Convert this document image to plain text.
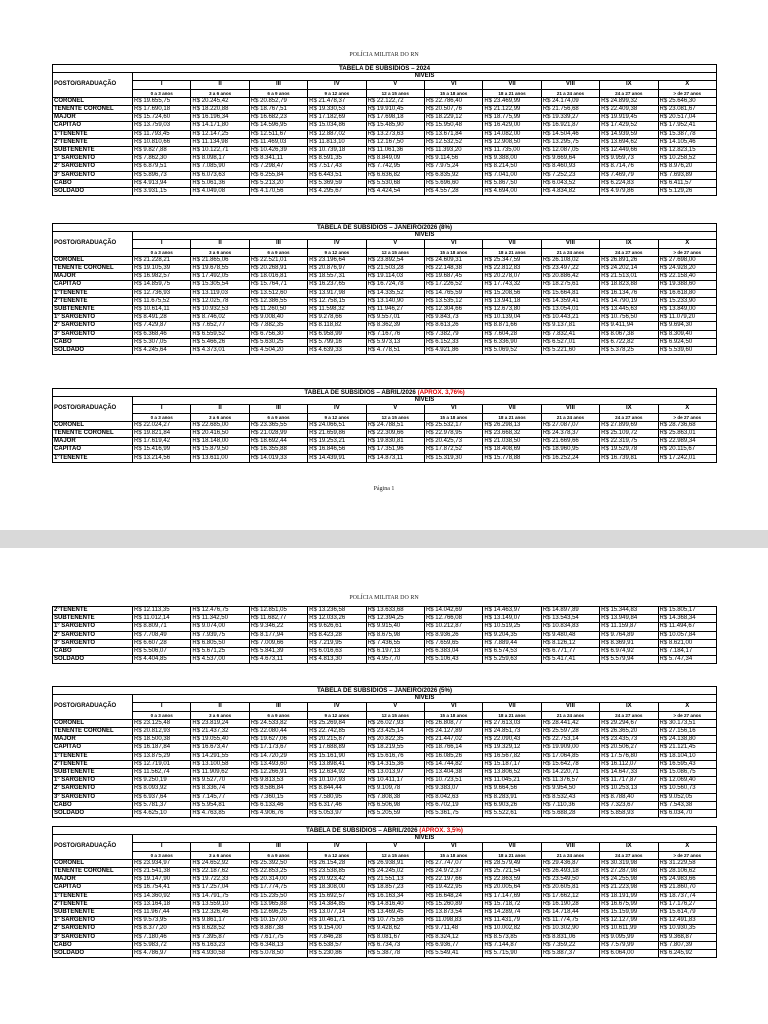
POLÍCIA MILITAR DO RN
Página 1
POLÍCIA MILITAR DO RN
TABELA DE SUBSÍDIOS – 2024										
POSTO/GRADUAÇÃO	NÍVEIS									
	I	II	III	IV	V	VI	VII	VIII	IX	X
	0 a 3 anos	3 a 6 anos	6 a 9 anos	9 a 12 anos	12 a 15 anos	15 a 18 anos	18 a 21 anos	21 a 24 anos	24 a 27 anos	> de 27 anos
CORONEL	R$ 19.655,75	R$ 20.245,42	R$ 20.852,79	R$ 21.478,37	R$ 22.122,72	R$ 22.786,40	R$ 23.469,99	R$ 24.174,09	R$ 24.899,32	R$ 25.646,30
TENENTE CORONEL	R$ 17.690,18	R$ 18.220,88	R$ 18.767,51	R$ 19.330,53	R$ 19.910,45	R$ 20.507,76	R$ 21.122,99	R$ 21.756,68	R$ 22.409,38	R$ 23.081,67
MAJOR	R$ 15.724,60	R$ 16.196,34	R$ 16.682,23	R$ 17.182,69	R$ 17.698,18	R$ 18.229,12	R$ 18.775,99	R$ 19.339,27	R$ 19.919,45	R$ 20.517,04
CAPITÃO	R$ 13.759,03	R$ 14.171,80	R$ 14.596,95	R$ 15.034,86	R$ 15.485,90	R$ 15.950,48	R$ 16.429,00	R$ 16.921,87	R$ 17.429,52	R$ 17.952,41
1ºTENENTE	R$ 11.793,45	R$ 12.147,25	R$ 12.511,67	R$ 12.887,02	R$ 13.273,63	R$ 13.671,84	R$ 14.082,00	R$ 14.504,46	R$ 14.939,59	R$ 15.387,78
2ºTENENTE	R$ 10.810,66	R$ 11.134,98	R$ 11.469,03	R$ 11.813,10	R$ 12.167,50	R$ 12.532,52	R$ 12.908,50	R$ 13.295,75	R$ 13.694,62	R$ 14.105,46
SUBTENENTE	R$ 9.827,88	R$ 10.122,71	R$ 10.426,39	R$ 10.739,18	R$ 11.061,36	R$ 11.393,20	R$ 11.735,00	R$ 12.087,05	R$ 12.449,66	R$ 12.823,15
1º SARGENTO	R$ 7.862,30	R$ 8.098,17	R$ 8.341,11	R$ 8.591,35	R$ 8.849,09	R$ 9.114,56	R$ 9.388,00	R$ 9.669,64	R$ 9.959,73	R$ 10.258,52
2º SARGENTO	R$ 6.879,51	R$ 7.085,90	R$ 7.298,47	R$ 7.517,43	R$ 7.742,95	R$ 7.975,24	R$ 8.214,50	R$ 8.460,93	R$ 8.714,76	R$ 8.976,20
3º SARGENTO	R$ 5.896,73	R$ 6.073,63	R$ 6.255,84	R$ 6.443,51	R$ 6.636,82	R$ 6.835,92	R$ 7.041,00	R$ 7.252,23	R$ 7.469,79	R$ 7.693,89
CABO	R$ 4.913,94	R$ 5.061,36	R$ 5.213,20	R$ 5.369,59	R$ 5.530,68	R$ 5.696,60	R$ 5.867,50	R$ 6.043,52	R$ 6.224,83	R$ 6.411,57
SOLDADO	R$ 3.931,15	R$ 4.049,08	R$ 4.170,56	R$ 4.295,67	R$ 4.424,54	R$ 4.557,28	R$ 4.694,00	R$ 4.834,82	R$ 4.979,86	R$ 5.129,26
TABELA DE SUBSÍDIOS – JANEIRO/2026 (8%)										
POSTO/GRADUAÇÃO	NÍVEIS									
	I	II	III	IV	V	VI	VII	VIII	IX	X
	0 a 3 anos	3 a 6 anos	6 a 9 anos	9 a 12 anos	12 a 15 anos	15 a 18 anos	18 a 21 anos	21 a 24 anos	24 a 27 anos	> de 27 anos
CORONEL	R$ 21.228,21	R$ 21.865,06	R$ 22.521,01	R$ 23.196,64	R$ 23.892,54	R$ 24.609,31	R$ 25.347,59	R$ 26.108,02	R$ 26.891,26	R$ 27.698,00
TENENTE CORONEL	R$ 19.105,39	R$ 19.678,55	R$ 20.268,91	R$ 20.876,97	R$ 21.503,28	R$ 22.148,38	R$ 22.812,83	R$ 23.497,22	R$ 24.202,14	R$ 24.928,20
MAJOR	R$ 16.982,57	R$ 17.492,05	R$ 18.016,81	R$ 18.557,31	R$ 19.114,03	R$ 19.687,45	R$ 20.278,07	R$ 20.886,42	R$ 21.513,01	R$ 22.158,40
CAPITÃO	R$ 14.859,75	R$ 15.305,54	R$ 15.764,71	R$ 16.237,65	R$ 16.724,78	R$ 17.226,52	R$ 17.743,32	R$ 18.275,61	R$ 18.823,88	R$ 19.388,60
1ºTENENTE	R$ 12.736,93	R$ 13.119,03	R$ 13.512,60	R$ 13.917,98	R$ 14.335,52	R$ 14.765,59	R$ 15.208,56	R$ 15.664,81	R$ 16.134,76	R$ 16.618,80
2ºTENENTE	R$ 11.675,52	R$ 12.025,78	R$ 12.386,55	R$ 12.758,15	R$ 13.140,90	R$ 13.535,12	R$ 13.941,18	R$ 14.359,41	R$ 14.790,19	R$ 15.233,90
SUBTENENTE	R$ 10.614,11	R$ 10.932,53	R$ 11.260,50	R$ 11.598,32	R$ 11.946,27	R$ 12.304,66	R$ 12.673,80	R$ 13.054,01	R$ 13.445,63	R$ 13.849,00
1º SARGENTO	R$ 8.491,28	R$ 8.746,02	R$ 9.008,40	R$ 9.278,66	R$ 9.557,01	R$ 9.843,73	R$ 10.139,04	R$ 10.443,21	R$ 10.756,50	R$ 11.079,20
2º SARGENTO	R$ 7.429,87	R$ 7.652,77	R$ 7.882,35	R$ 8.118,82	R$ 8.362,39	R$ 8.613,26	R$ 8.871,66	R$ 9.137,81	R$ 9.411,94	R$ 9.694,30
3º SARGENTO	R$ 6.368,46	R$ 6.559,52	R$ 6.756,30	R$ 6.958,99	R$ 7.167,76	R$ 7.382,79	R$ 7.604,28	R$ 7.832,41	R$ 8.067,38	R$ 8.309,40
CABO	R$ 5.307,05	R$ 5.466,26	R$ 5.630,25	R$ 5.799,16	R$ 5.973,13	R$ 6.152,33	R$ 6.336,90	R$ 6.527,01	R$ 6.722,82	R$ 6.924,50
SOLDADO	R$ 4.245,64	R$ 4.373,01	R$ 4.504,20	R$ 4.639,33	R$ 4.778,51	R$ 4.921,86	R$ 5.069,52	R$ 5.221,60	R$ 5.378,25	R$ 5.539,60
TABELA DE SUBSÍDIOS – ABRIL/2026 (APROX. 3,76%)										
POSTO/GRADUAÇÃO	NÍVEIS									
	I	II	III	IV	V	VI	VII	VIII	IX	X
	0 a 3 anos	3 a 6 anos	6 a 9 anos	9 a 12 anos	12 a 15 anos	15 a 18 anos	18 a 21 anos	21 a 24 anos	24 a 27 anos	> de 27 anos
CORONEL	R$ 22.024,27	R$ 22.685,00	R$ 23.365,55	R$ 24.066,51	R$ 24.788,51	R$ 25.532,17	R$ 26.298,13	R$ 27.087,07	R$ 27.899,69	R$ 28.736,68
TENENTE CORONEL	R$ 19.821,84	R$ 20.416,50	R$ 21.028,99	R$ 21.659,86	R$ 22.309,66	R$ 22.978,95	R$ 23.668,32	R$ 24.378,37	R$ 25.109,72	R$ 25.863,01
MAJOR	R$ 17.619,42	R$ 18.148,00	R$ 18.692,44	R$ 19.253,21	R$ 19.830,81	R$ 20.425,73	R$ 21.038,50	R$ 21.669,66	R$ 22.319,75	R$ 22.989,34
CAPITÃO	R$ 15.416,99	R$ 15.879,50	R$ 16.355,88	R$ 16.846,56	R$ 17.351,96	R$ 17.872,52	R$ 18.408,69	R$ 18.960,95	R$ 19.529,78	R$ 20.115,67
1ºTENENTE	R$ 13.214,56	R$ 13.611,00	R$ 14.019,33	R$ 14.439,91	R$ 14.873,11	R$ 15.319,30	R$ 15.778,88	R$ 16.252,24	R$ 16.739,81	R$ 17.242,01
2ºTENENTE	R$ 12.113,35	R$ 12.476,75	R$ 12.851,05	R$ 13.236,58	R$ 13.633,68	R$ 14.042,69	R$ 14.463,97	R$ 14.897,89	R$ 15.344,83	R$ 15.805,17
SUBTENENTE	R$ 11.012,14	R$ 11.342,50	R$ 11.682,77	R$ 12.033,26	R$ 12.394,25	R$ 12.766,08	R$ 13.149,07	R$ 13.543,54	R$ 13.949,84	R$ 14.368,34
1º SARGENTO	R$ 8.809,71	R$ 9.074,00	R$ 9.346,22	R$ 9.626,61	R$ 9.915,40	R$ 10.212,87	R$ 10.519,25	R$ 10.834,83	R$ 11.159,87	R$ 11.494,67
2º SARGENTO	R$ 7.708,49	R$ 7.939,75	R$ 8.177,94	R$ 8.423,28	R$ 8.675,98	R$ 8.936,26	R$ 9.204,35	R$ 9.480,48	R$ 9.764,89	R$ 10.057,84
3º SARGENTO	R$ 6.607,28	R$ 6.805,50	R$ 7.009,66	R$ 7.219,95	R$ 7.436,55	R$ 7.659,65	R$ 7.889,44	R$ 8.126,12	R$ 8.369,91	R$ 8.621,00
CABO	R$ 5.506,07	R$ 5.671,25	R$ 5.841,39	R$ 6.016,63	R$ 6.197,13	R$ 6.383,04	R$ 6.574,53	R$ 6.771,77	R$ 6.974,92	R$ 7.184,17
SOLDADO	R$ 4.404,85	R$ 4.537,00	R$ 4.673,11	R$ 4.813,30	R$ 4.957,70	R$ 5.106,43	R$ 5.259,63	R$ 5.417,41	R$ 5.579,94	R$ 5.747,34
TABELA DE SUBSÍDIOS – JANEIRO/2026 (5%)										
POSTO/GRADUAÇÃO	NÍVEIS									
	I	II	III	IV	V	VI	VII	VIII	IX	X
	0 a 3 anos	3 a 6 anos	6 a 9 anos	9 a 12 anos	12 a 15 anos	15 a 18 anos	18 a 21 anos	21 a 24 anos	24 a 27 anos	> de 27 anos
CORONEL	R$ 23.125,48	R$ 23.819,24	R$ 24.533,82	R$ 25.269,84	R$ 26.027,93	R$ 26.808,77	R$ 27.613,03	R$ 28.441,42	R$ 29.294,67	R$ 30.173,51
TENENTE CORONEL	R$ 20.812,93	R$ 21.437,32	R$ 22.080,44	R$ 22.742,85	R$ 23.425,14	R$ 24.127,89	R$ 24.851,73	R$ 25.597,28	R$ 26.365,20	R$ 27.156,16
MAJOR	R$ 18.500,38	R$ 19.055,40	R$ 19.627,06	R$ 20.215,87	R$ 20.822,35	R$ 21.447,02	R$ 22.090,43	R$ 22.753,14	R$ 23.435,73	R$ 24.138,80
CAPITÃO	R$ 16.187,84	R$ 16.673,47	R$ 17.173,67	R$ 17.688,89	R$ 18.219,55	R$ 18.766,14	R$ 19.329,12	R$ 19.909,00	R$ 20.506,27	R$ 21.121,45
1ºTENENTE	R$ 13.875,29	R$ 14.291,55	R$ 14.720,29	R$ 15.161,90	R$ 15.616,76	R$ 16.085,26	R$ 16.567,82	R$ 17.064,85	R$ 17.576,80	R$ 18.104,10
2ºTENENTE	R$ 12.719,01	R$ 13.100,58	R$ 13.493,60	R$ 13.898,41	R$ 14.315,36	R$ 14.744,82	R$ 15.187,17	R$ 15.642,78	R$ 16.112,07	R$ 16.595,43
SUBTENENTE	R$ 11.562,74	R$ 11.909,62	R$ 12.266,91	R$ 12.634,92	R$ 13.013,97	R$ 13.404,38	R$ 13.806,52	R$ 14.220,71	R$ 14.647,33	R$ 15.086,75
1º SARGENTO	R$ 9.250,19	R$ 9.527,70	R$ 9.813,53	R$ 10.107,93	R$ 10.411,17	R$ 10.723,51	R$ 11.045,21	R$ 11.376,57	R$ 11.717,87	R$ 12.069,40
2º SARGENTO	R$ 8.093,92	R$ 8.336,74	R$ 8.586,84	R$ 8.844,44	R$ 9.109,78	R$ 9.383,07	R$ 9.664,56	R$ 9.954,50	R$ 10.253,13	R$ 10.560,73
3º SARGENTO	R$ 6.937,64	R$ 7.145,77	R$ 7.360,15	R$ 7.580,95	R$ 7.808,38	R$ 8.042,63	R$ 8.283,91	R$ 8.532,43	R$ 8.788,40	R$ 9.052,05
CABO	R$ 5.781,37	R$ 5.954,81	R$ 6.133,46	R$ 6.317,46	R$ 6.506,98	R$ 6.702,19	R$ 6.903,26	R$ 7.110,36	R$ 7.323,67	R$ 7.543,38
SOLDADO	R$ 4.625,10	R$ 4.763,85	R$ 4.906,76	R$ 5.053,97	R$ 5.205,59	R$ 5.361,75	R$ 5.522,61	R$ 5.688,28	R$ 5.858,93	R$ 6.034,70
TABELA DE SUBSÍDIOS – ABRIL/2026 (APROX. 3,5%)										
POSTO/GRADUAÇÃO	NÍVEIS									
	I	II	III	IV	V	VI	VII	VIII	IX	X
	0 a 3 anos	3 a 6 anos	6 a 9 anos	9 a 12 anos	12 a 15 anos	15 a 18 anos	18 a 21 anos	21 a 24 anos	24 a 27 anos	> de 27 anos
CORONEL	R$ 23.934,97	R$ 24.652,92	R$ 25.392,50	R$ 26.154,28	R$ 26.938,91	R$ 27.747,07	R$ 28.579,49	R$ 29.436,87	R$ 30.319,98	R$ 31.229,58
TENENTE CORONEL	R$ 21.541,38	R$ 22.187,62	R$ 22.853,25	R$ 23.538,85	R$ 24.245,02	R$ 24.972,37	R$ 25.721,54	R$ 26.493,18	R$ 27.287,98	R$ 28.106,62
MAJOR	R$ 19.147,90	R$ 19.722,33	R$ 20.314,00	R$ 20.923,42	R$ 21.551,13	R$ 22.197,66	R$ 22.863,59	R$ 23.549,50	R$ 24.255,98	R$ 24.983,66
CAPITÃO	R$ 16.754,41	R$ 17.257,04	R$ 17.774,75	R$ 18.308,00	R$ 18.857,23	R$ 19.422,95	R$ 20.005,64	R$ 20.605,81	R$ 21.223,98	R$ 21.860,70
1ºTENENTE	R$ 14.360,92	R$ 14.791,75	R$ 15.235,50	R$ 15.692,57	R$ 16.163,34	R$ 16.648,24	R$ 17.147,69	R$ 17.662,12	R$ 18.191,99	R$ 18.737,74
2ºTENENTE	R$ 13.164,18	R$ 13.559,10	R$ 13.965,88	R$ 14.384,85	R$ 14.816,40	R$ 15.260,89	R$ 15.718,72	R$ 16.190,28	R$ 16.675,99	R$ 17.176,27
SUBTENENTE	R$ 11.967,44	R$ 12.326,46	R$ 12.696,25	R$ 13.077,14	R$ 13.469,45	R$ 13.873,54	R$ 14.289,74	R$ 14.718,44	R$ 15.159,99	R$ 15.614,79
1º SARGENTO	R$ 9.573,95	R$ 9.861,17	R$ 10.157,00	R$ 10.461,71	R$ 10.775,56	R$ 11.098,83	R$ 11.431,79	R$ 11.774,75	R$ 12.127,99	R$ 12.491,83
2º SARGENTO	R$ 8.377,20	R$ 8.628,52	R$ 8.887,38	R$ 9.154,00	R$ 9.428,62	R$ 9.711,48	R$ 10.002,82	R$ 10.302,90	R$ 10.611,99	R$ 10.930,35
3º SARGENTO	R$ 7.180,46	R$ 7.395,87	R$ 7.617,75	R$ 7.846,28	R$ 8.081,67	R$ 8.324,12	R$ 8.573,85	R$ 8.831,06	R$ 9.095,99	R$ 9.368,87
CABO	R$ 5.983,72	R$ 6.163,23	R$ 6.348,13	R$ 6.538,57	R$ 6.734,73	R$ 6.936,77	R$ 7.144,87	R$ 7.359,22	R$ 7.579,99	R$ 7.807,39
SOLDADO	R$ 4.786,97	R$ 4.930,58	R$ 5.078,50	R$ 5.230,86	R$ 5.387,78	R$ 5.549,41	R$ 5.715,90	R$ 5.887,37	R$ 6.064,00	R$ 6.245,92
